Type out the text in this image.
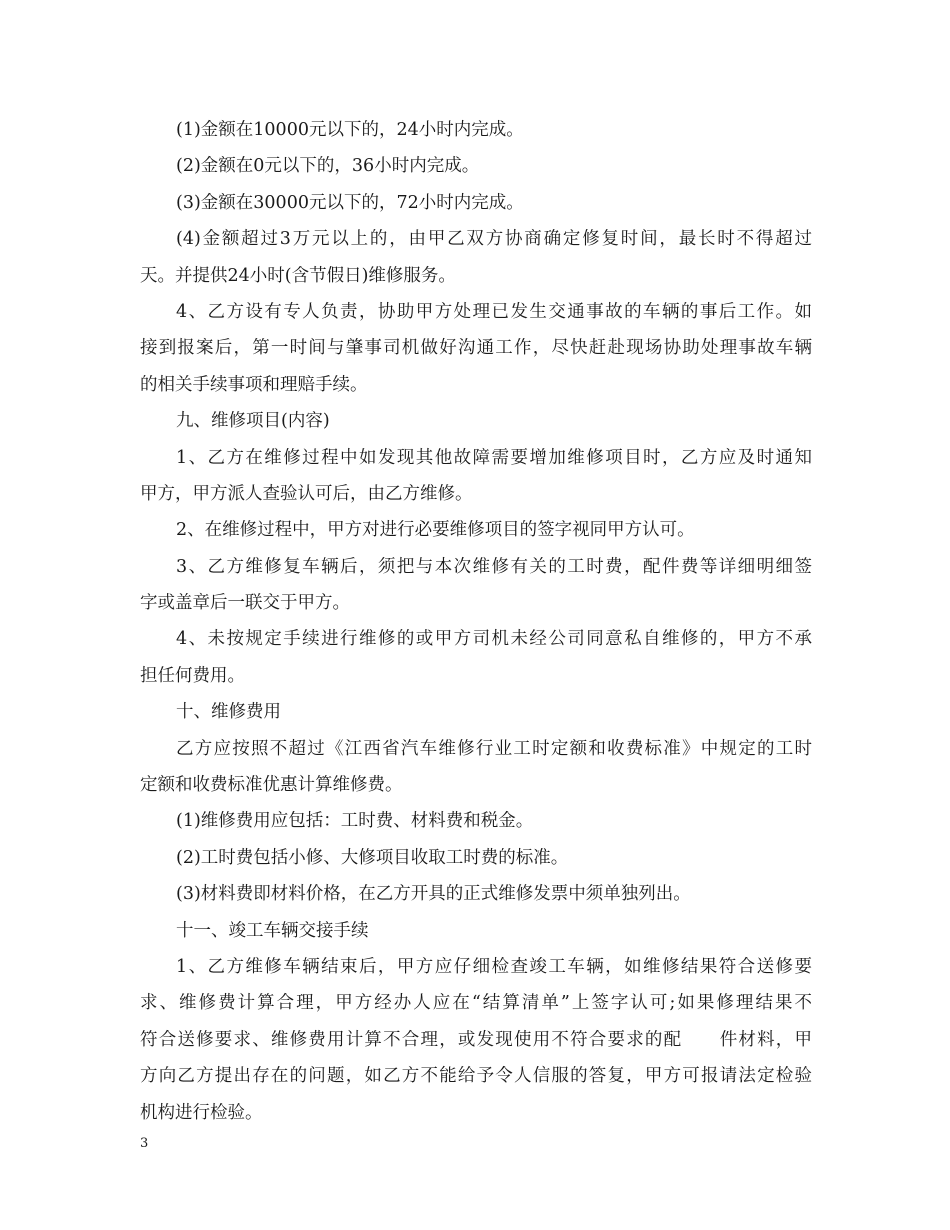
(1)金额在10000元以下的，24小时内完成。
(2)金额在0元以下的，36小时内完成。
(3)金额在30000元以下的，72小时内完成。
(4)金额超过3万元以上的，由甲乙双方协商确定修复时间，最长时不得超过
天。并提供24小时(含节假日)维修服务。
4、乙方设有专人负责，协助甲方处理已发生交通事故的车辆的事后工作。如
接到报案后，第一时间与肇事司机做好沟通工作，尽快赶赴现场协助处理事故车辆
的相关手续事项和理赔手续。
九、维修项目(内容)
1、乙方在维修过程中如发现其他故障需要增加维修项目时，乙方应及时通知
甲方，甲方派人查验认可后，由乙方维修。
2、在维修过程中，甲方对进行必要维修项目的签字视同甲方认可。
3、乙方维修复车辆后，须把与本次维修有关的工时费，配件费等详细明细签
字或盖章后一联交于甲方。
4、未按规定手续进行维修的或甲方司机未经公司同意私自维修的，甲方不承
担任何费用。
十、维修费用
乙方应按照不超过《江西省汽车维修行业工时定额和收费标准》中规定的工时
定额和收费标准优惠计算维修费。
(1)维修费用应包括：工时费、材料费和税金。
(2)工时费包括小修、大修项目收取工时费的标准。
(3)材料费即材料价格，在乙方开具的正式维修发票中须单独列出。
十一、竣工车辆交接手续
1、乙方维修车辆结束后，甲方应仔细检查竣工车辆，如维修结果符合送修要
求、维修费计算合理，甲方经办人应在“结算清单”上签字认可;如果修理结果不
符合送修要求、维修费用计算不合理，或发现使用不符合要求的配　　件材料，甲
方向乙方提出存在的问题，如乙方不能给予令人信服的答复，甲方可报请法定检验
机构进行检验。
3
